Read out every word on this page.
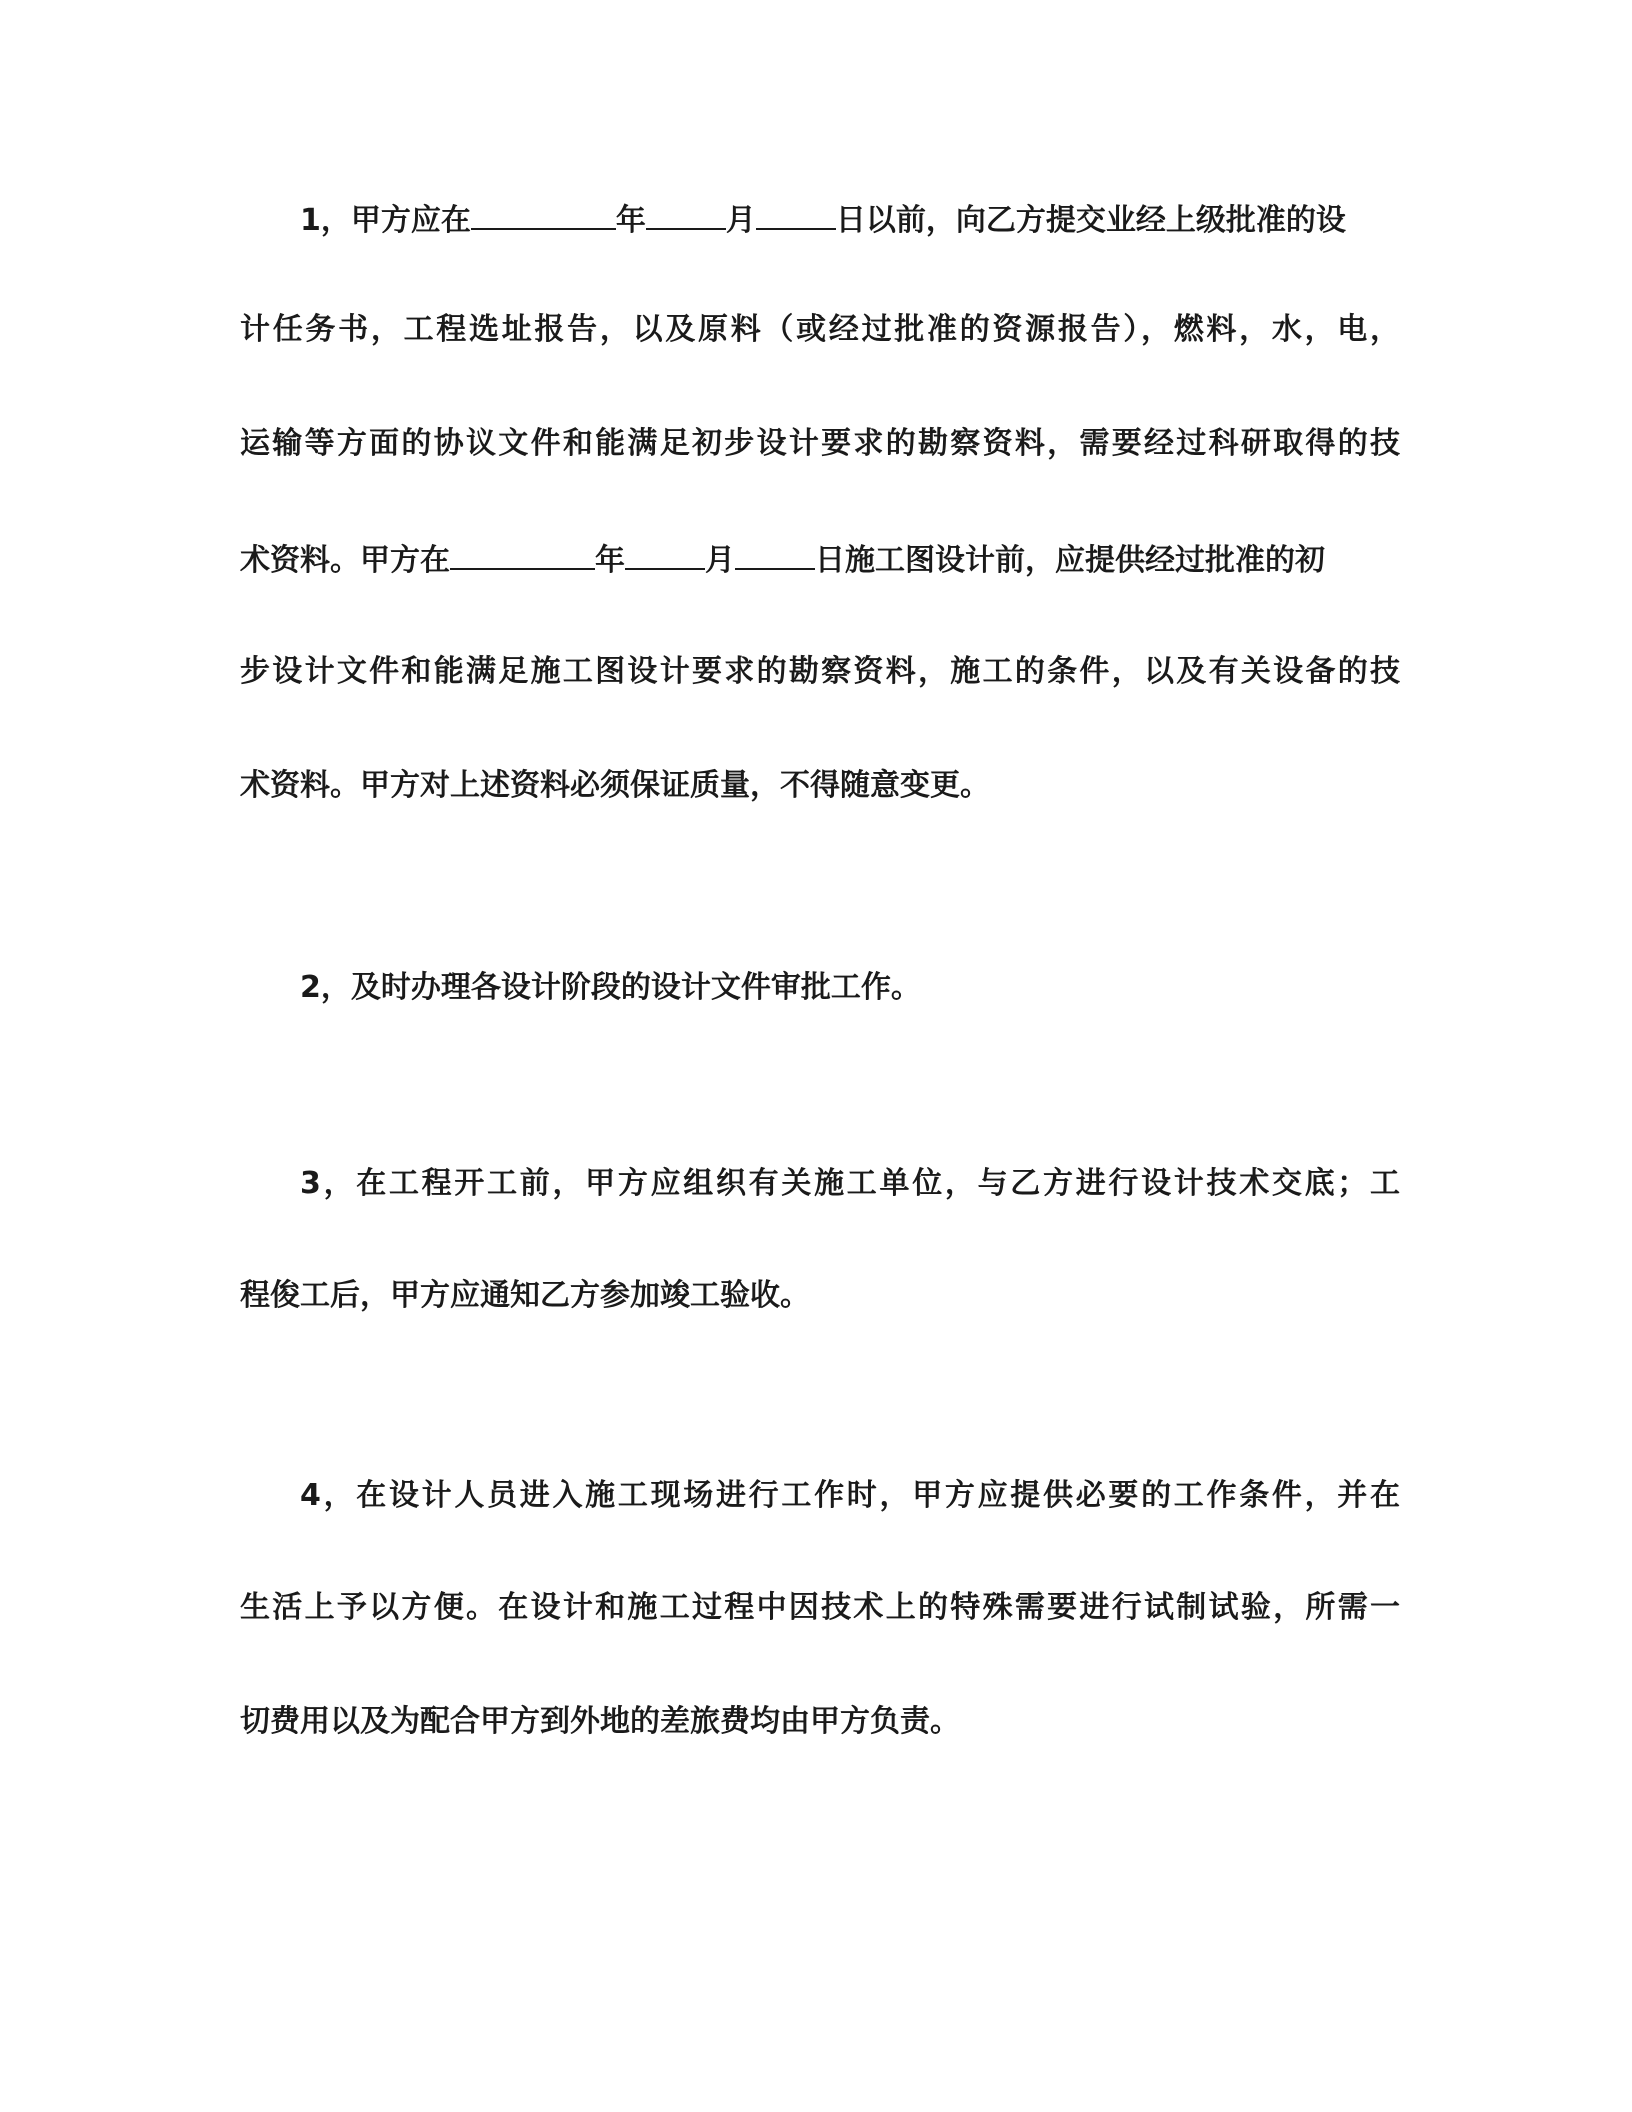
1，甲方应在	年	月	日以前，向乙方提交业经上级批准的设
计任务书，工程选址报告，以及原料（或经过批准的资源报告），燃料，水，电，
运输等方面的协议文件和能满足初步设计要求的勘察资料，需要经过科研取得的技
术资料。甲方在	年	月	日施工图设计前，应提供经过批准的初
步设计文件和能满足施工图设计要求的勘察资料，施工的条件，以及有关设备的技
术资料。甲方对上述资料必须保证质量，不得随意变更。
2，及时办理各设计阶段的设计文件审批工作。
3，在工程开工前，甲方应组织有关施工单位，与乙方进行设计技术交底；工
程俊工后，甲方应通知乙方参加竣工验收。
4，在设计人员进入施工现场进行工作时，甲方应提供必要的工作条件，并在
生活上予以方便。在设计和施工过程中因技术上的特殊需要进行试制试验，所需一
切费用以及为配合甲方到外地的差旅费均由甲方负责。
